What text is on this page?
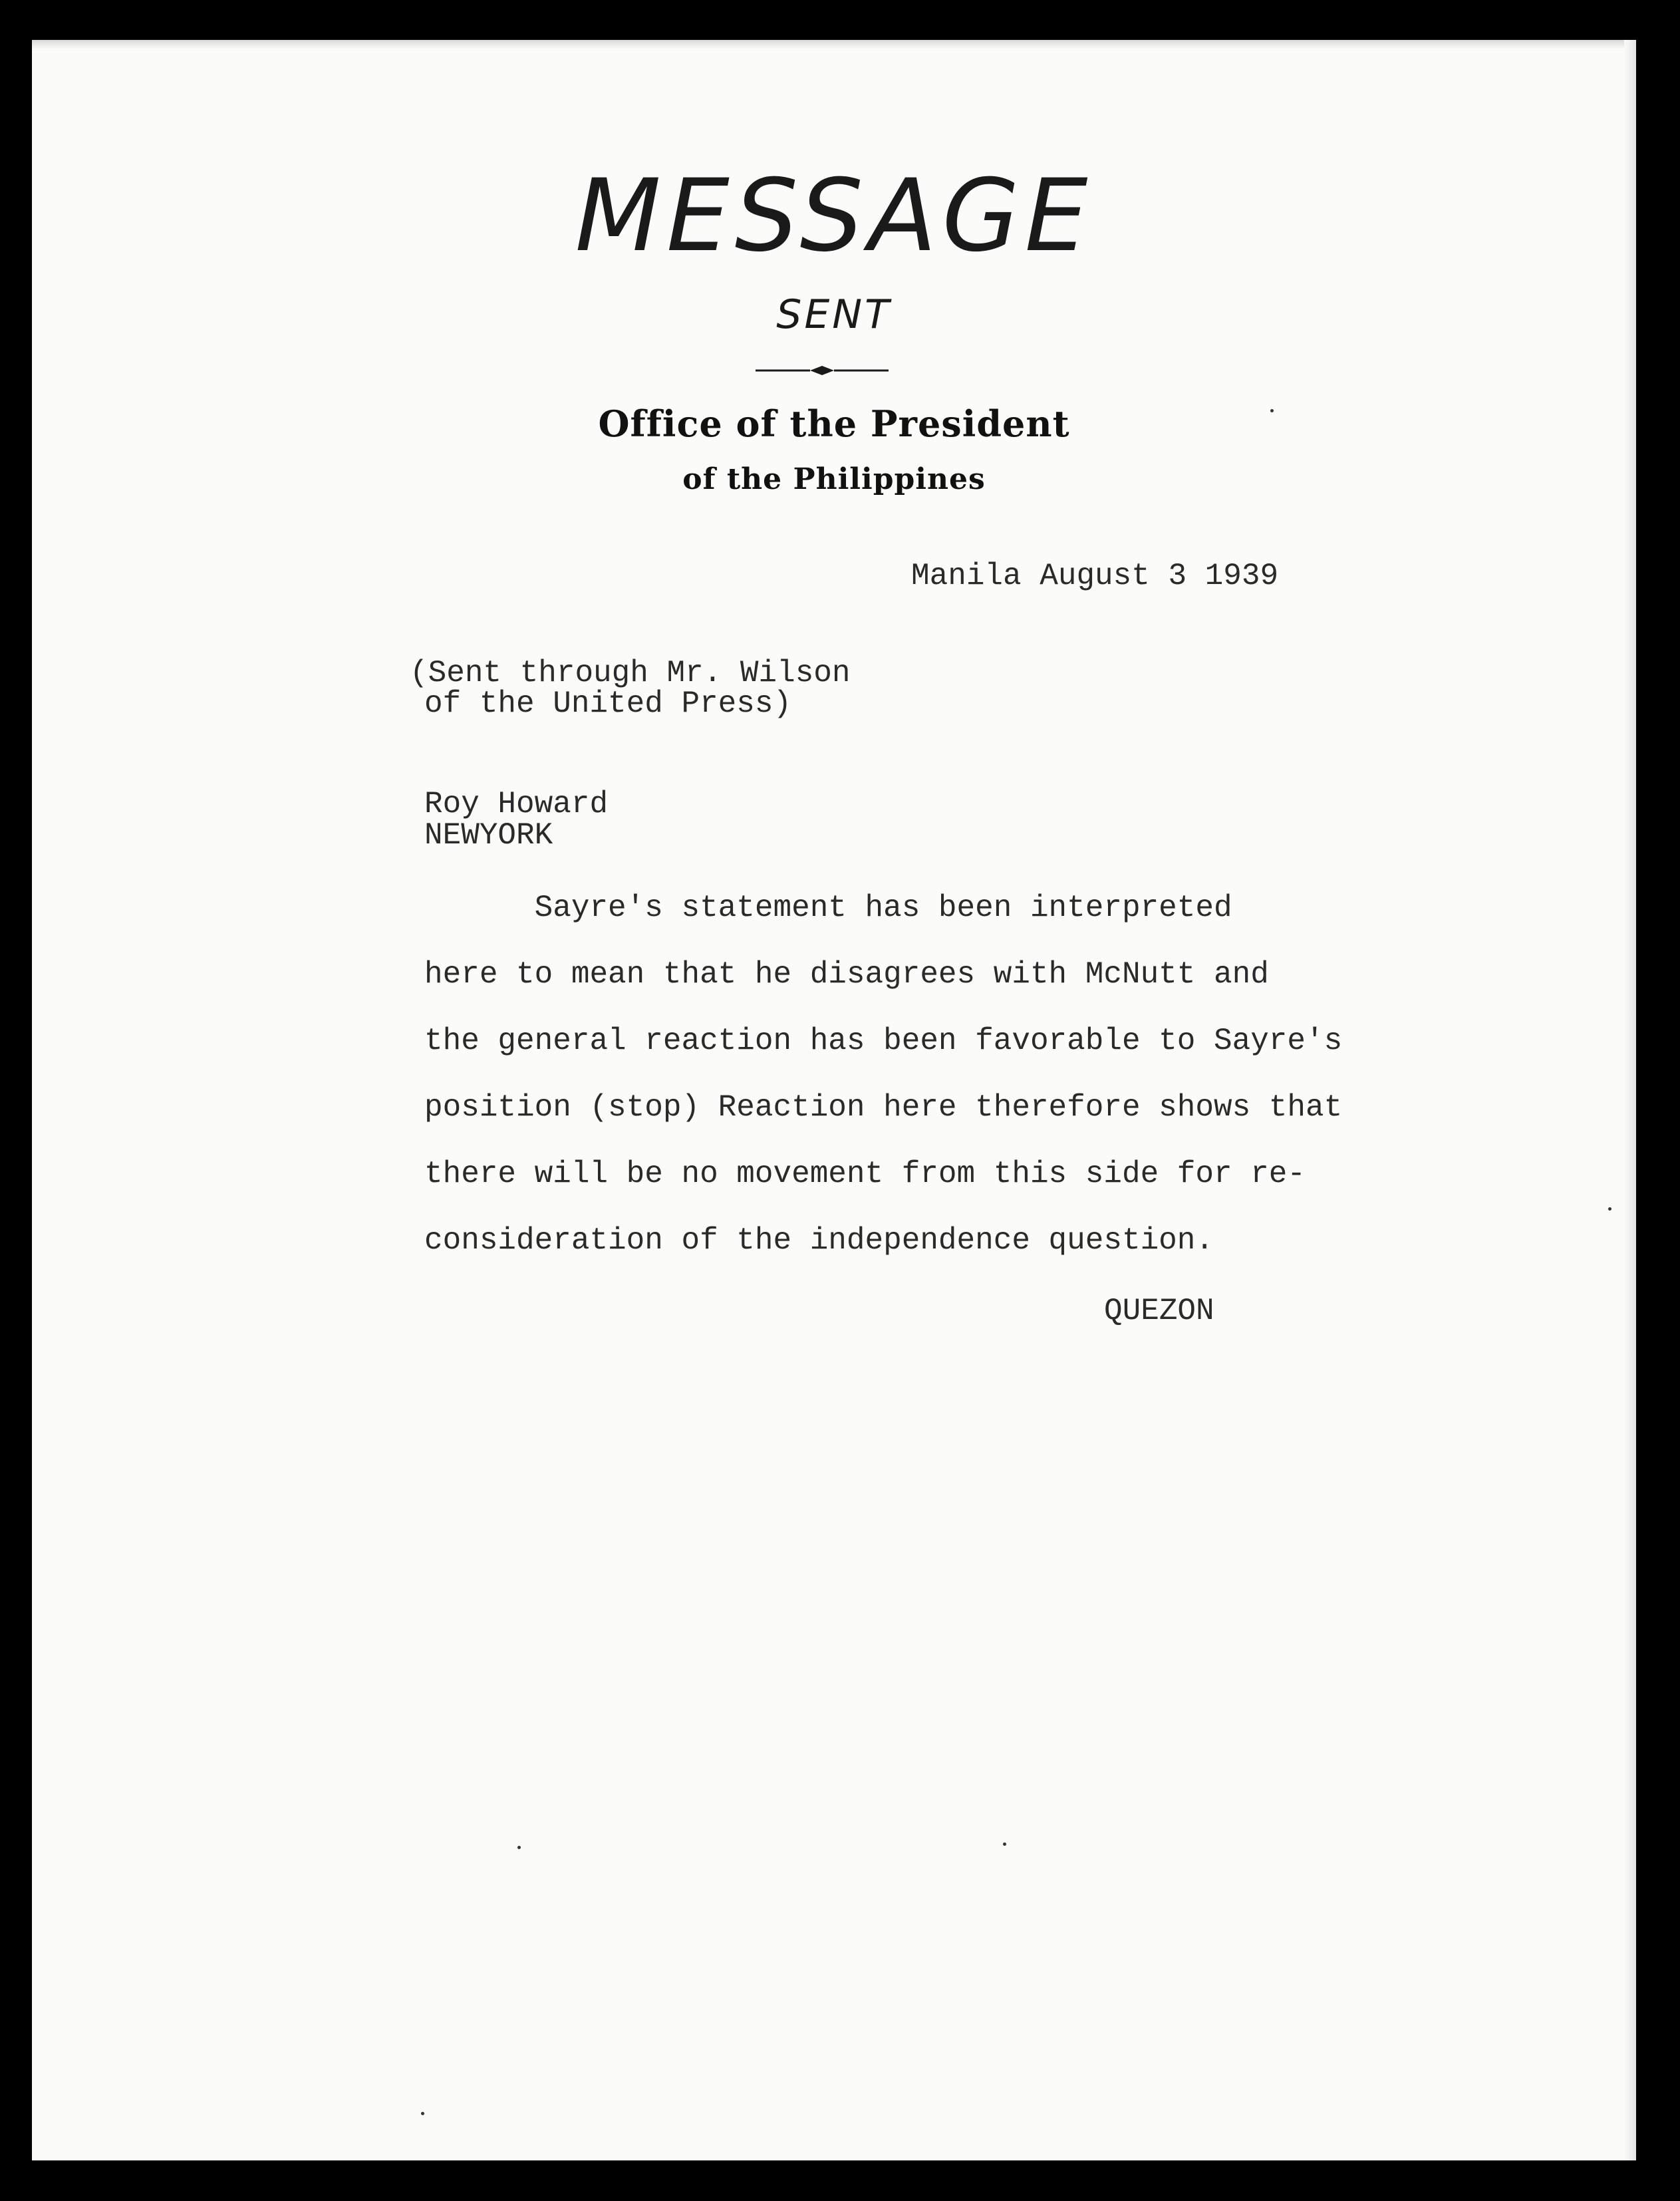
MESSAGE
SENT
Office of the President
of the Philippines
Manila August 3 1939
(Sent through Mr. Wilson
of the United Press)
Roy Howard
NEWYORK
Sayre's statement has been interpreted
here to mean that he disagrees with McNutt and
the general reaction has been favorable to Sayre's
position (stop) Reaction here therefore shows that
there will be no movement from this side for re-
consideration of the independence question.
QUEZON
